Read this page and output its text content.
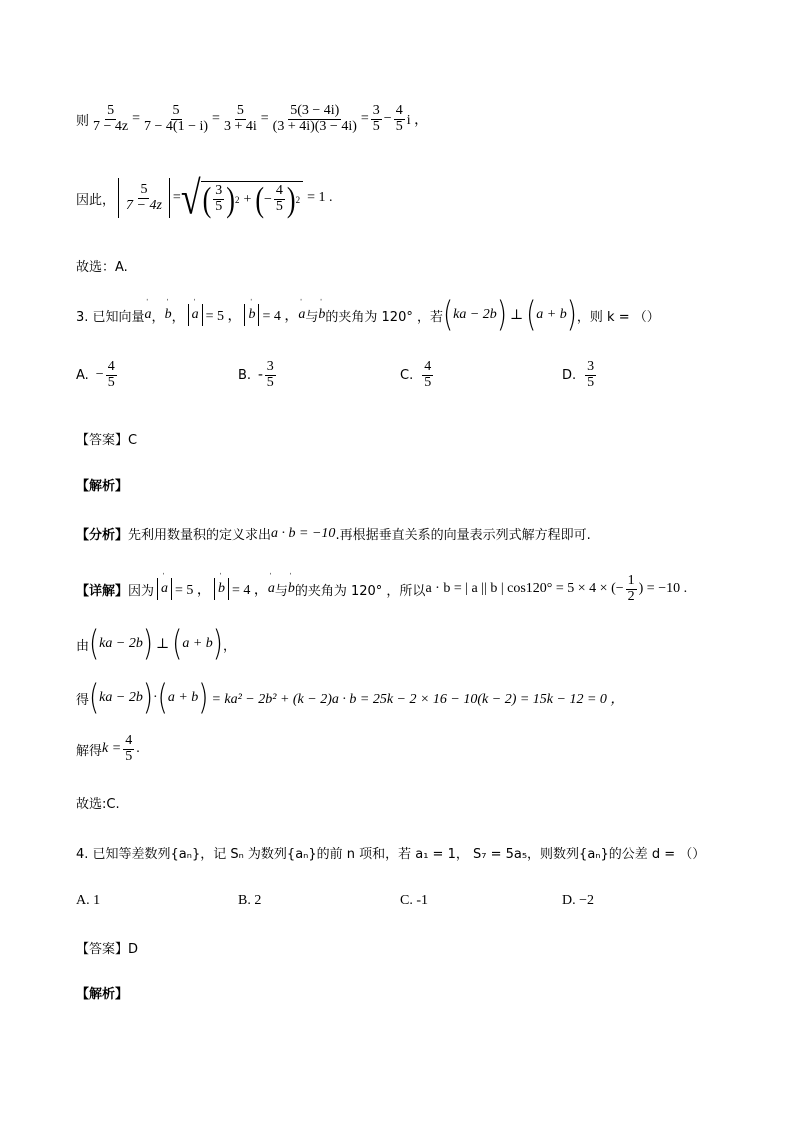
则 $\frac{5}{7 - 4z} = \frac{5}{7 - 4(1 - i)} = \frac{5}{3 + 4i} = \frac{5(3 - 4i)}{(3 + 4i)(3 - 4i)} = \frac{3}{5} - \frac{4}{5}$ i ，
因此， $\frac{5}{7 - 4z}$ = √ ( $\frac{3}{5}$ ) 2 + ( − $\frac{4}{5}$ ) 2 = 1 .
故选：A.
3. 已知向量 ˈ a ， ˈ b ， ˈ a = 5 ， ˈ b = 4 ， ˈ a 与 ˈ b 的夹角为 120° ，若 ( ka − 2b ) ⊥ ( a + b ) ，则 k = （）
A.
− $\frac{4}{5}$	B.
- $\frac{3}{5}$	C.
$\frac{4}{5}$	D.
$\frac{3}{5}$
【答案】C
【解析】
【分析】 先利用数量积的定义求出 a · b = −10 .再根据垂直关系的向量表示列式解方程即可.
【详解】 因为 ˈ a = 5 ， ˈ b = 4 ， ˈ a 与 ˈ b 的夹角为 120° ，所以 a · b = | a || b | cos120° = 5 × 4 × (− $\frac{1}{2}$ ) = −10 .
由 ( ka − 2b ) ⊥ ( a + b ) ，
得 ( ka − 2b ) · ( a + b ) = ka² − 2b² + (k − 2)a · b = 25k − 2 × 16 − 10(k − 2) = 15k − 12 = 0 ，
解得 $k = \frac{4}{5}$ .
故选:C.
4. 已知等差数列{aₙ}，记 Sₙ 为数列{aₙ}的前 n 项和，若 a₁ = 1， S₇ = 5a₅，则数列{aₙ}的公差 d = （）
A. 1	B. 2	C. -1	D. −2
【答案】D
【解析】
